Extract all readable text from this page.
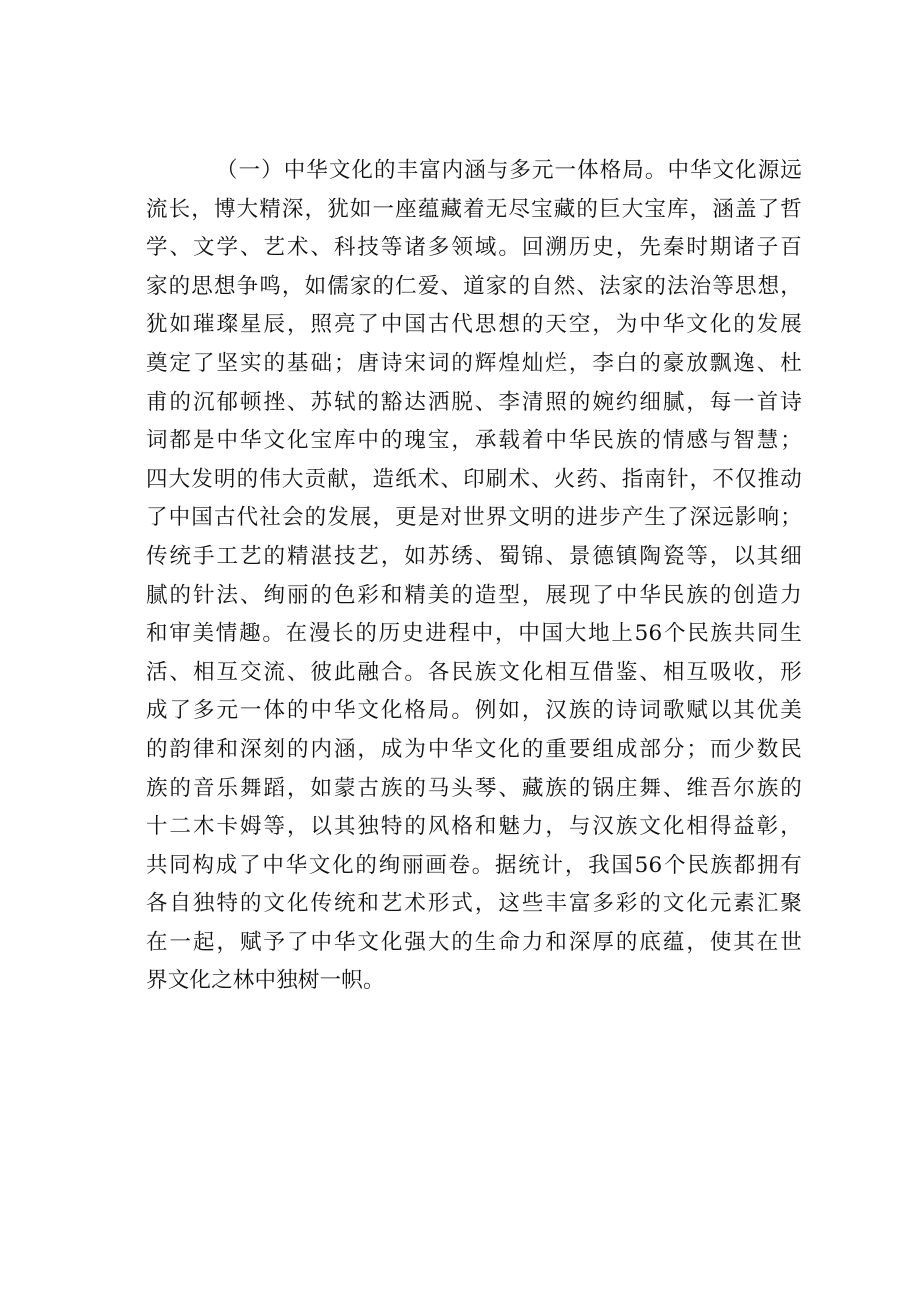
（一）中华文化的丰富内涵与多元一体格局。中华文化源远
流长，博大精深，犹如一座蕴藏着无尽宝藏的巨大宝库，涵盖了哲
学、文学、艺术、科技等诸多领域。回溯历史，先秦时期诸子百
家的思想争鸣，如儒家的仁爱、道家的自然、法家的法治等思想，
犹如璀璨星辰，照亮了中国古代思想的天空，为中华文化的发展
奠定了坚实的基础；唐诗宋词的辉煌灿烂，李白的豪放飘逸、杜
甫的沉郁顿挫、苏轼的豁达洒脱、李清照的婉约细腻，每一首诗
词都是中华文化宝库中的瑰宝，承载着中华民族的情感与智慧；
四大发明的伟大贡献，造纸术、印刷术、火药、指南针，不仅推动
了中国古代社会的发展，更是对世界文明的进步产生了深远影响；
传统手工艺的精湛技艺，如苏绣、蜀锦、景德镇陶瓷等，以其细
腻的针法、绚丽的色彩和精美的造型，展现了中华民族的创造力
和审美情趣。在漫长的历史进程中，中国大地上56个民族共同生
活、相互交流、彼此融合。各民族文化相互借鉴、相互吸收，形
成了多元一体的中华文化格局。例如，汉族的诗词歌赋以其优美
的韵律和深刻的内涵，成为中华文化的重要组成部分；而少数民
族的音乐舞蹈，如蒙古族的马头琴、藏族的锅庄舞、维吾尔族的
十二木卡姆等，以其独特的风格和魅力，与汉族文化相得益彰，
共同构成了中华文化的绚丽画卷。据统计，我国56个民族都拥有
各自独特的文化传统和艺术形式，这些丰富多彩的文化元素汇聚
在一起，赋予了中华文化强大的生命力和深厚的底蕴，使其在世
界文化之林中独树一帜。
